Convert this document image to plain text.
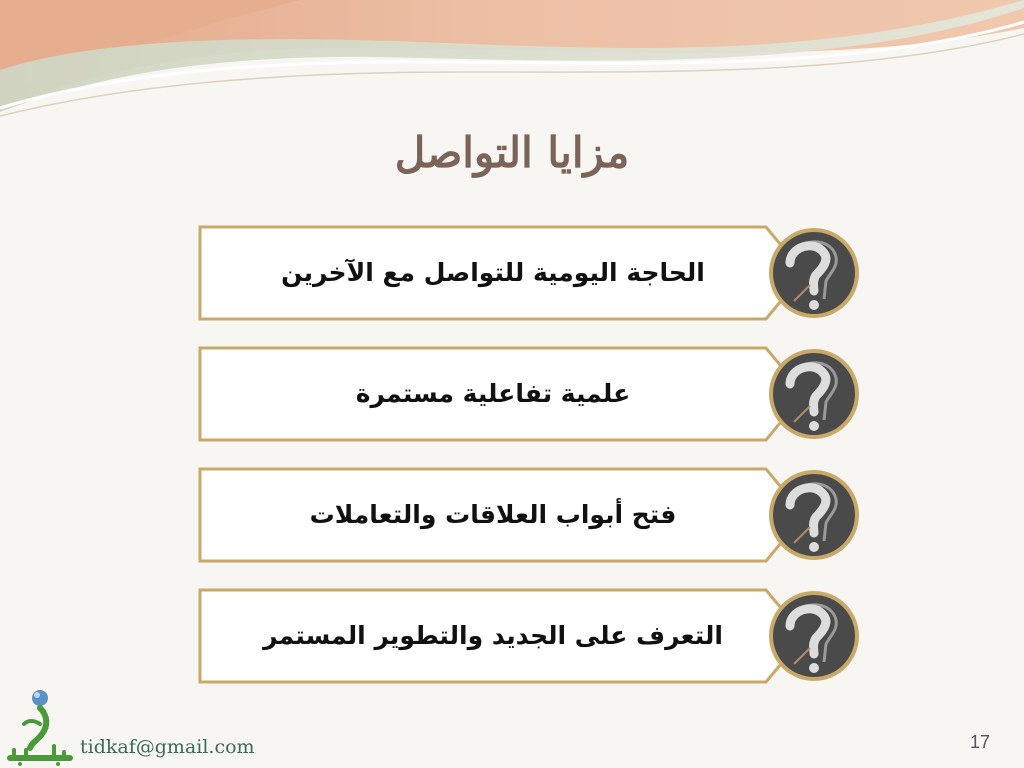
مزايا التواصل
الحاجة اليومية للتواصل مع الآخرين
علمية تفاعلية مستمرة
فتح أبواب العلاقات والتعاملات
التعرف على الجديد والتطوير المستمر
tidkaf@gmail.com	17
